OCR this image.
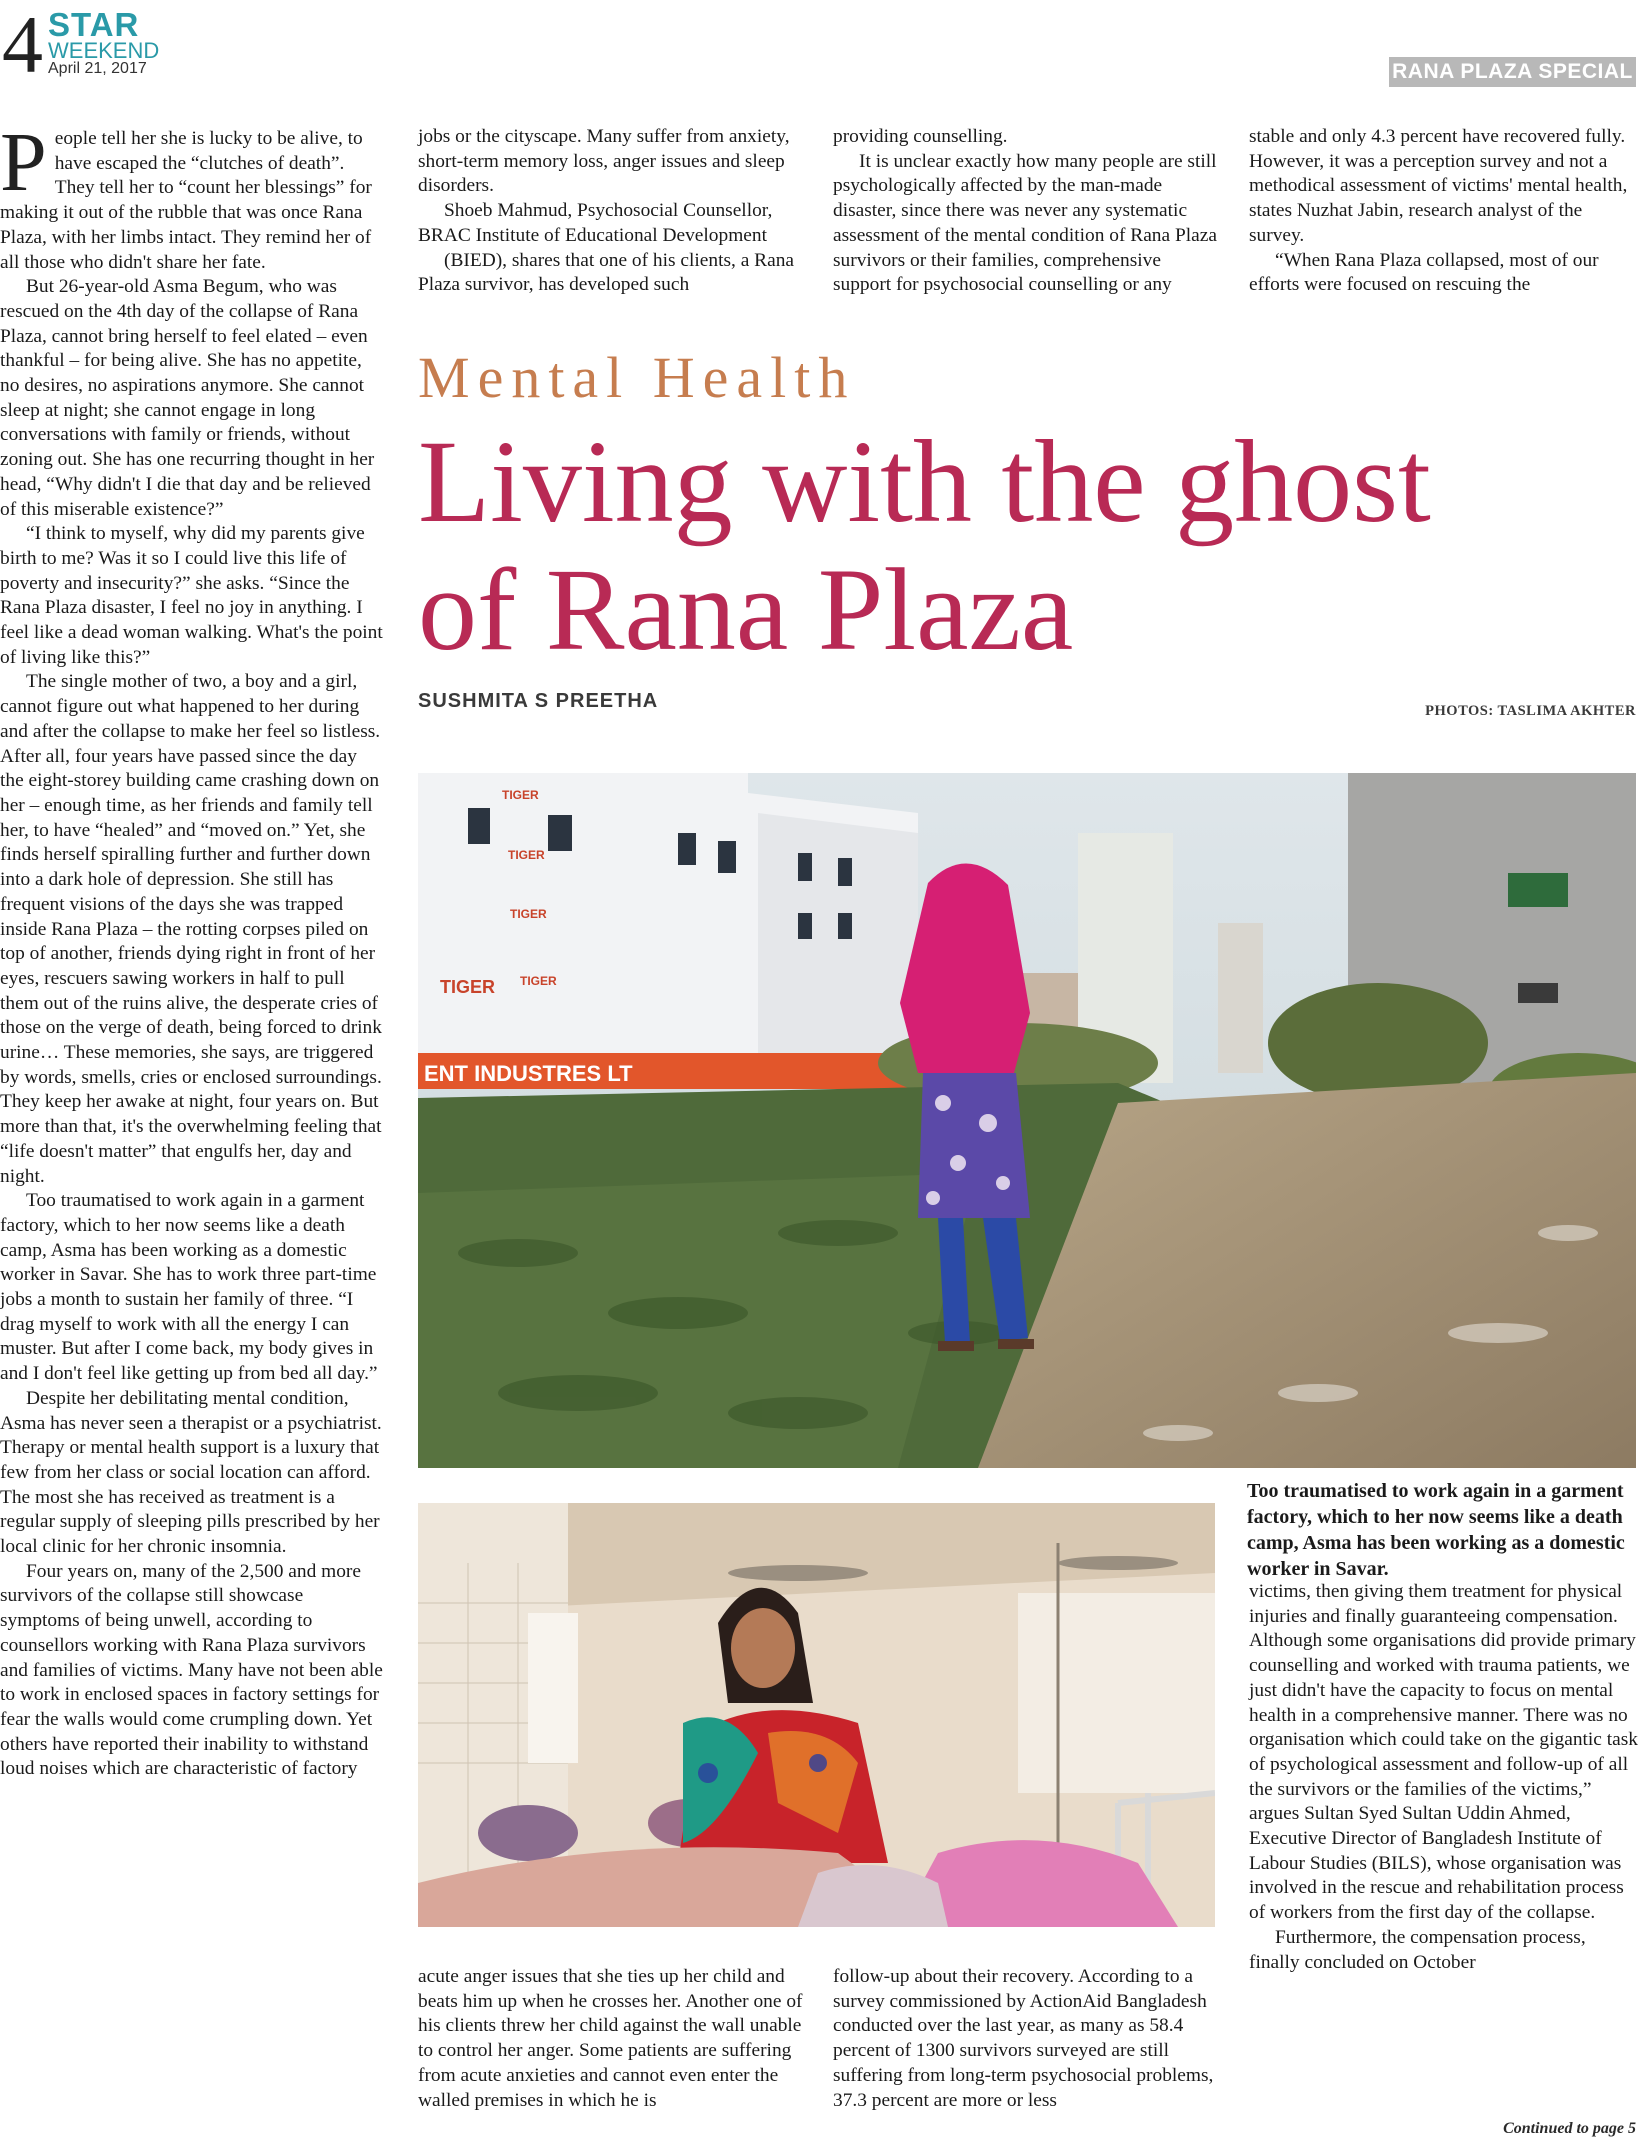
4 STAR
WEEKEND
April 21, 2017	RANA PLAZA SPECIAL

People tell her she is lucky to be alive, to have escaped the “clutches of death”. They tell her to “count her blessings” for making it out of the rubble that was once Rana Plaza, with her limbs intact. They remind her of all those who didn't share her fate.

But 26-year-old Asma Begum, who was rescued on the 4th day of the collapse of Rana Plaza, cannot bring herself to feel elated – even thankful – for being alive. She has no appetite, no desires, no aspirations anymore. She cannot sleep at night; she cannot engage in long conversations with family or friends, without zoning out. She has one recurring thought in her head, “Why didn't I die that day and be relieved of this miserable existence?”

“I think to myself, why did my parents give birth to me? Was it so I could live this life of poverty and insecurity?” she asks. “Since the Rana Plaza disaster, I feel no joy in anything. I feel like a dead woman walking. What's the point of living like this?”

The single mother of two, a boy and a girl, cannot figure out what happened to her during and after the collapse to make her feel so listless. After all, four years have passed since the day the eight-storey building came crashing down on her – enough time, as her friends and family tell her, to have “healed” and “moved on.” Yet, she finds herself spiralling further and further down into a dark hole of depression. She still has frequent visions of the days she was trapped inside Rana Plaza – the rotting corpses piled on top of another, friends dying right in front of her eyes, rescuers sawing workers in half to pull them out of the ruins alive, the desperate cries of those on the verge of death, being forced to drink urine… These memories, she says, are triggered by words, smells, cries or enclosed surroundings. They keep her awake at night, four years on. But more than that, it's the overwhelming feeling that “life doesn't matter” that engulfs her, day and night.

Too traumatised to work again in a garment factory, which to her now seems like a death camp, Asma has been working as a domestic worker in Savar. She has to work three part-time jobs a month to sustain her family of three. “I drag myself to work with all the energy I can muster. But after I come back, my body gives in and I don't feel like getting up from bed all day.”

Despite her debilitating mental condition, Asma has never seen a therapist or a psychiatrist. Therapy or mental health support is a luxury that few from her class or social location can afford. The most she has received as treatment is a regular supply of sleeping pills prescribed by her local clinic for her chronic insomnia.

Four years on, many of the 2,500 and more survivors of the collapse still showcase symptoms of being unwell, according to counsellors working with Rana Plaza survivors and families of victims. Many have not been able to work in enclosed spaces in factory settings for fear the walls would come crumpling down. Yet others have reported their inability to withstand loud noises which are characteristic of factory

jobs or the cityscape. Many suffer from anxiety, short-term memory loss, anger issues and sleep disorders.

Shoeb Mahmud, Psychosocial Counsellor, BRAC Institute of Educational Development

(BIED), shares that one of his clients, a Rana Plaza survivor, has developed such

providing counselling.

It is unclear exactly how many people are still psychologically affected by the man-made disaster, since there was never any systematic assessment of the mental condition of Rana Plaza survivors or their families, comprehensive support for psychosocial counselling or any

stable and only 4.3 percent have recovered fully. However, it was a perception survey and not a methodical assessment of victims' mental health, states Nuzhat Jabin, research analyst of the survey.

“When Rana Plaza collapsed, most of our efforts were focused on rescuing the

Mental Health
Living with the ghost
of Rana Plaza
SUSHMITA S PREETHA	PHOTOS: TASLIMA AKHTER
ENT INDUSTRES LT
TIGER
TIGER
TIGER
TIGER TIGER
Too traumatised to work again in a garment factory, which to her now seems like a death camp, Asma has been working as a domestic worker in Savar.

acute anger issues that she ties up her child and beats him up when he crosses her. Another one of his clients threw her child against the wall unable to control her anger. Some patients are suffering from acute anxieties and cannot even enter the walled premises in which he is

follow-up about their recovery. According to a survey commissioned by ActionAid Bangladesh conducted over the last year, as many as 58.4 percent of 1300 survivors surveyed are still suffering from long-term psychosocial problems, 37.3 percent are more or less

victims, then giving them treatment for physical injuries and finally guaranteeing compensation. Although some organisations did provide primary counselling and worked with trauma patients, we just didn't have the capacity to focus on mental health in a comprehensive manner. There was no organisation which could take on the gigantic task of psychological assessment and follow-up of all the survivors or the families of the victims,” argues Sultan Syed Sultan Uddin Ahmed, Executive Director of Bangladesh Institute of Labour Studies (BILS), whose organisation was involved in the rescue and rehabilitation process of workers from the first day of the collapse.

Furthermore, the compensation process, finally concluded on October

Continued to page 5
